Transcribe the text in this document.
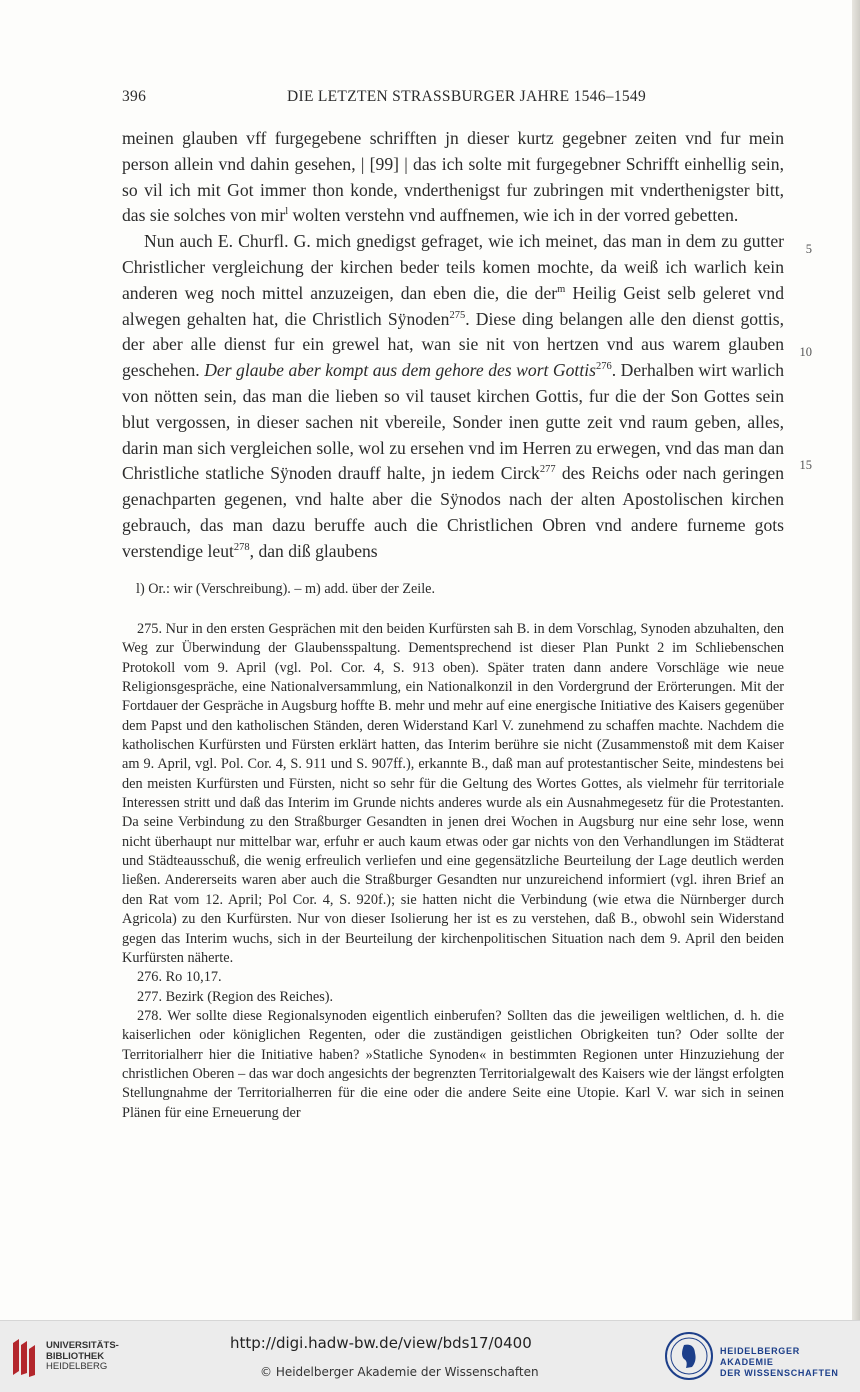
396	DIE LETZTEN STRASSBURGER JAHRE 1546–1549

meinen glauben vff furgegebene schrifften jn dieser kurtz gegebner zeiten vnd fur mein person allein vnd dahin gesehen, | [99] | das ich solte mit furgegebner Schrifft einhellig sein, so vil ich mit Got immer thon konde, vnderthenigst fur zubringen mit vnderthenigster bitt, das sie solches von mir$^l$ wolten verstehn vnd auffnemen, wie ich in der vorred gebetten.

Nun auch E. Churfl. G. mich gnedigst gefraget, wie ich meinet, das man in dem zu gutter Christlicher vergleichung der kirchen beder teils komen mochte, da weiß ich warlich kein anderen weg noch mittel anzuzeigen, dan eben die, die der$^m$ Heilig Geist selb geleret vnd alwegen gehalten hat, die Christlich Sÿnoden$^{275}$. Diese ding belangen alle den dienst gottis, der aber alle dienst fur ein grewel hat, wan sie nit von hertzen vnd aus warem glauben geschehen. Der glaube aber kompt aus dem gehore des wort Gottis$^{276}$. Derhalben wirt warlich von nötten sein, das man die lieben so vil tauset kirchen Gottis, fur die der Son Gottes sein blut vergossen, in dieser sachen nit vbereile, Sonder inen gutte zeit vnd raum geben, alles, darin man sich vergleichen solle, wol zu ersehen vnd im Herren zu erwegen, vnd das man dan Christliche statliche Sÿnoden drauff halte, jn iedem Circk$^{277}$ des Reichs oder nach geringen genachparten gegenen, vnd halte aber die Sÿnodos nach der alten Apostolischen kirchen gebrauch, das man dazu beruffe auch die Christlichen Obren vnd andere furneme gots verstendige leut$^{278}$, dan diß glaubens

5
10
15
l) Or.: wir (Verschreibung). – m) add. über der Zeile.

275. Nur in den ersten Gesprächen mit den beiden Kurfürsten sah B. in dem Vorschlag, Synoden abzuhalten, den Weg zur Überwindung der Glaubensspaltung. Dementsprechend ist dieser Plan Punkt 2 im Schliebenschen Protokoll vom 9. April (vgl. Pol. Cor. 4, S. 913 oben). Später traten dann andere Vorschläge wie neue Religionsgespräche, eine Nationalversammlung, ein Nationalkonzil in den Vordergrund der Erörterungen. Mit der Fortdauer der Gespräche in Augsburg hoffte B. mehr und mehr auf eine energische Initiative des Kaisers gegenüber dem Papst und den katholischen Ständen, deren Widerstand Karl V. zunehmend zu schaffen machte. Nachdem die katholischen Kurfürsten und Fürsten erklärt hatten, das Interim berühre sie nicht (Zusammenstoß mit dem Kaiser am 9. April, vgl. Pol. Cor. 4, S. 911 und S. 907ff.), erkannte B., daß man auf protestantischer Seite, mindestens bei den meisten Kurfürsten und Fürsten, nicht so sehr für die Geltung des Wortes Gottes, als vielmehr für territoriale Interessen stritt und daß das Interim im Grunde nichts anderes wurde als ein Ausnahmegesetz für die Protestanten. Da seine Verbindung zu den Straßburger Gesandten in jenen drei Wochen in Augsburg nur eine sehr lose, wenn nicht überhaupt nur mittelbar war, erfuhr er auch kaum etwas oder gar nichts von den Verhandlungen im Städterat und Städteausschuß, die wenig erfreulich verliefen und eine gegensätzliche Beurteilung der Lage deutlich werden ließen. Andererseits waren aber auch die Straßburger Gesandten nur unzureichend informiert (vgl. ihren Brief an den Rat vom 12. April; Pol Cor. 4, S. 920f.); sie hatten nicht die Verbindung (wie etwa die Nürnberger durch Agricola) zu den Kurfürsten. Nur von dieser Isolierung her ist es zu verstehen, daß B., obwohl sein Widerstand gegen das Interim wuchs, sich in der Beurteilung der kirchenpolitischen Situation nach dem 9. April den beiden Kurfürsten näherte.

276. Ro 10,17.

277. Bezirk (Region des Reiches).

278. Wer sollte diese Regionalsynoden eigentlich einberufen? Sollten das die jeweiligen weltlichen, d. h. die kaiserlichen oder königlichen Regenten, oder die zuständigen geistlichen Obrigkeiten tun? Oder sollte der Territorialherr hier die Initiative haben? »Statliche Synoden« in bestimmten Regionen unter Hinzuziehung der christlichen Oberen – das war doch angesichts der begrenzten Territorialgewalt des Kaisers wie der längst erfolgten Stellungnahme der Territorialherren für die eine oder die andere Seite eine Utopie. Karl V. war sich in seinen Plänen für eine Erneuerung der

UNIVERSITÄTS-
BIBLIOTHEK
HEIDELBERG
http://digi.hadw-bw.de/view/bds17/0400
© Heidelberger Akademie der Wissenschaften
HEIDELBERGER AKADEMIE
DER WISSENSCHAFTEN
